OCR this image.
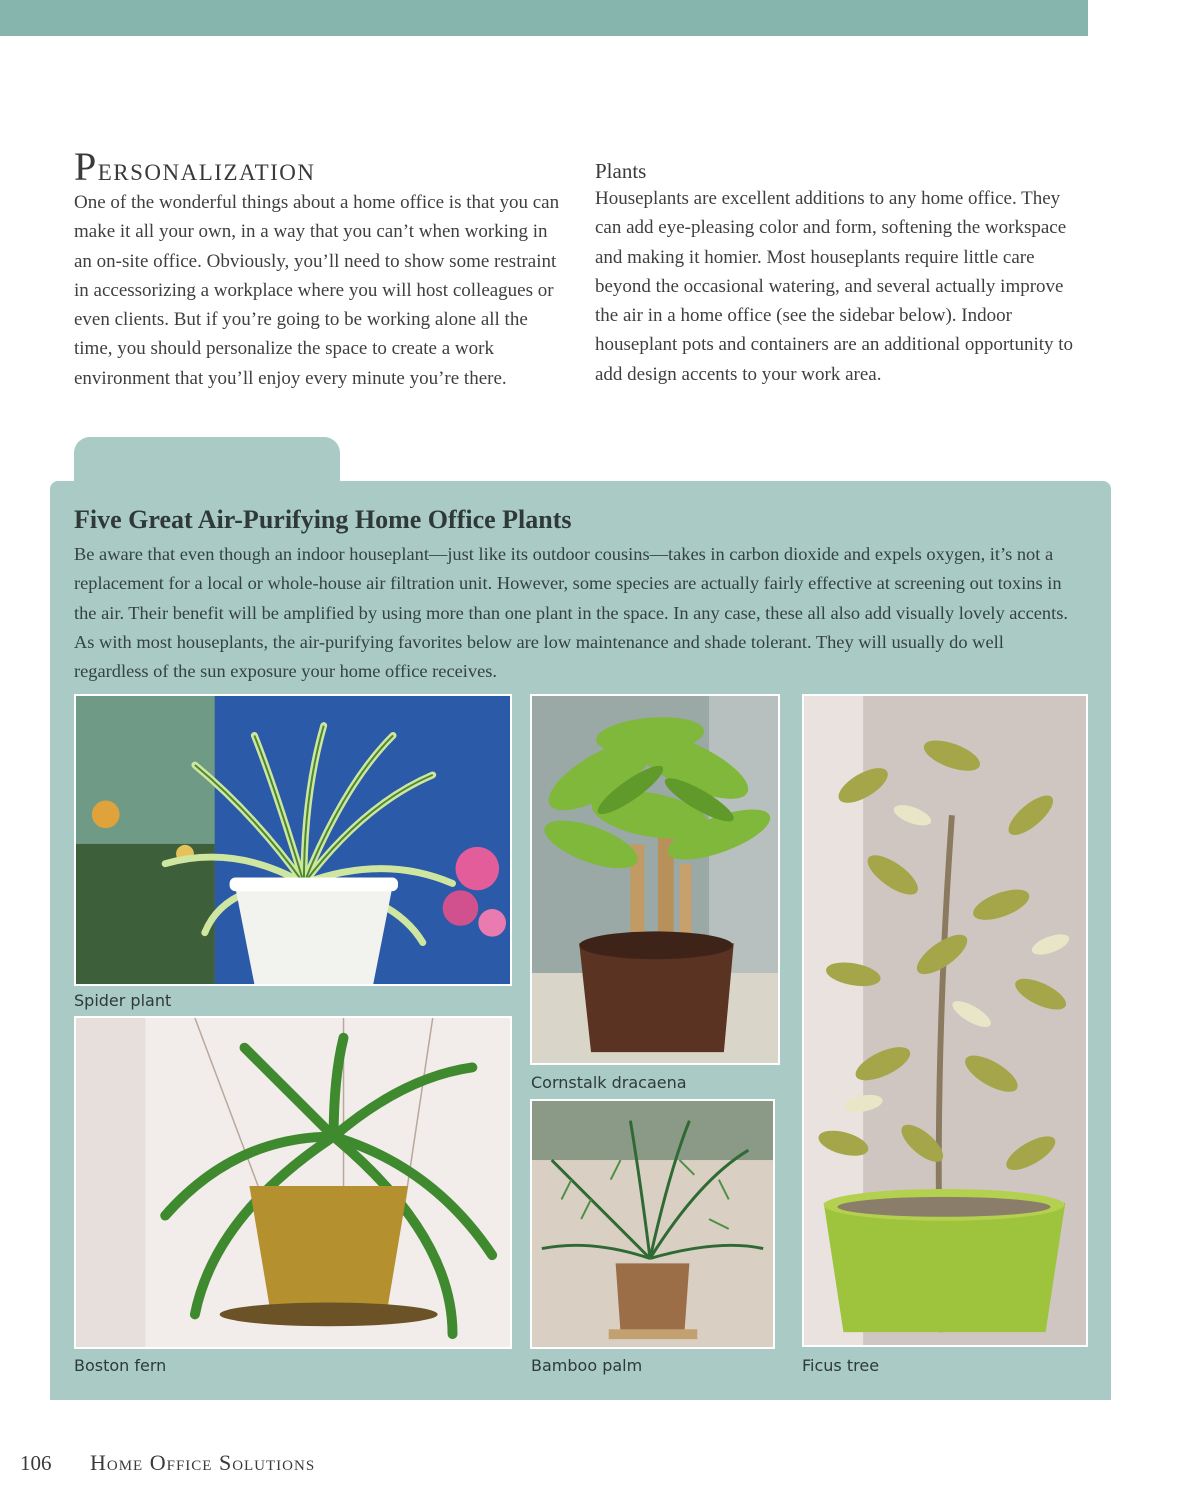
Personalization

One of the wonderful things about a home office is that you can make it all your own, in a way that you can’t when working in an on-site office. Obviously, you’ll need to show some restraint in accessorizing a workplace where you will host colleagues or even clients. But if you’re going to be working alone all the time, you should personalize the space to create a work environment that you’ll enjoy every minute you’re there.

Plants

Houseplants are excellent additions to any home office. They can add eye-pleasing color and form, softening the workspace and making it homier. Most houseplants require little care beyond the occasional watering, and several actually improve the air in a home office (see the sidebar below). Indoor houseplant pots and containers are an additional opportunity to add design accents to your work area.

Five Great Air-Purifying Home Office Plants

Be aware that even though an indoor houseplant—just like its outdoor cousins—takes in carbon dioxide and expels oxygen, it’s not a replacement for a local or whole-house air filtration unit. However, some species are actually fairly effective at screening out toxins in the air. Their benefit will be amplified by using more than one plant in the space. In any case, these all also add visually lovely accents. As with most houseplants, the air-purifying favorites below are low maintenance and shade tolerant. They will usually do well regardless of the sun exposure your home office receives.

Spider plant
Cornstalk dracaena
Ficus tree
Boston fern	Bamboo palm
106 Home Office Solutions
